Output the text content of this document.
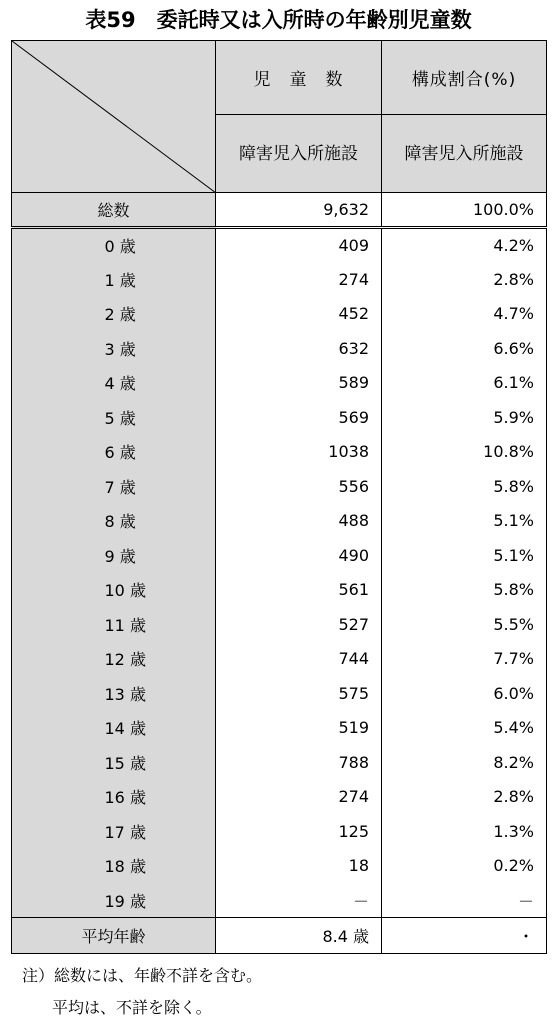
表59　委託時又は入所時の年齢別児童数
	児　童　数	構成割合(%)
	障害児入所施設	障害児入所施設
総数	9,632	100.0%
0 歳	409	4.2%
1 歳	274	2.8%
2 歳	452	4.7%
3 歳	632	6.6%
4 歳	589	6.1%
5 歳	569	5.9%
6 歳	1038	10.8%
7 歳	556	5.8%
8 歳	488	5.1%
9 歳	490	5.1%
10 歳	561	5.8%
11 歳	527	5.5%
12 歳	744	7.7%
13 歳	575	6.0%
14 歳	519	5.4%
15 歳	788	8.2%
16 歳	274	2.8%
17 歳	125	1.3%
18 歳	18	0.2%
19 歳	－	－
平均年齢	8.4 歳	・
注）総数には、年齢不詳を含む。
平均は、不詳を除く。
